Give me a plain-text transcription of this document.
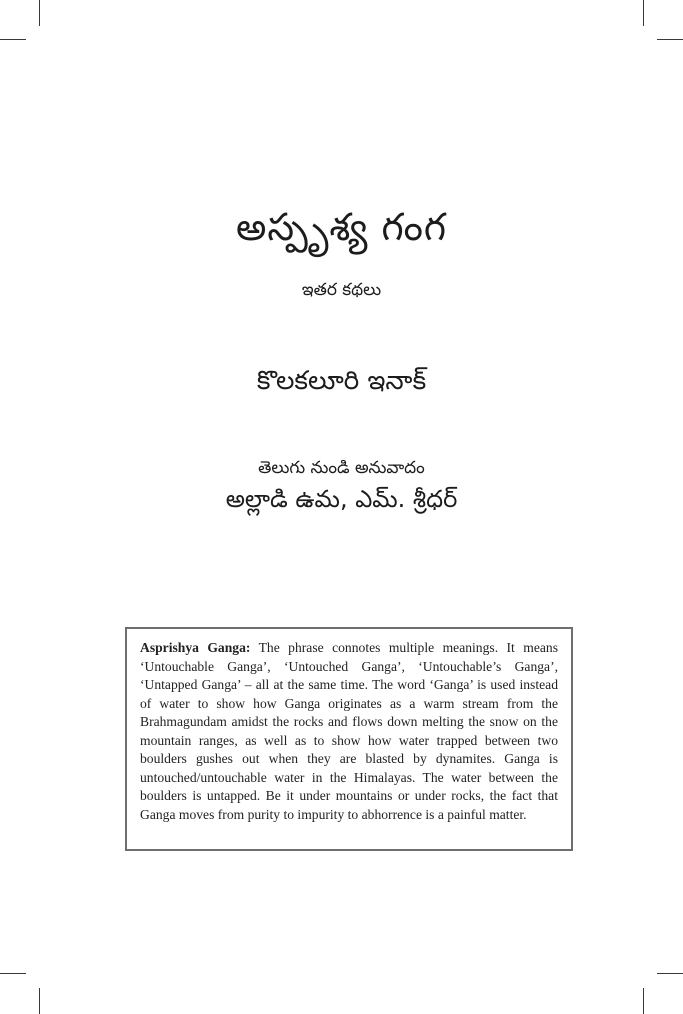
అస్పృశ్య గంగ
ఇతర కథలు
కొలకలూరి ఇనాక్
తెలుగు నుండి అనువాదం
అల్లాడి ఉమ, ఎమ్. శ్రీధర్
Asprishya Ganga: The phrase connotes multiple meanings. It means ‘Untouchable Ganga’, ‘Untouched Ganga’, ‘Untouchable’s Ganga’, ‘Untapped Ganga’ – all at the same time. The word ‘Ganga’ is used instead of water to show how Ganga originates as a warm stream from the Brahmagundam amidst the rocks and flows down melting the snow on the mountain ranges, as well as to show how water trapped between two boulders gushes out when they are blasted by dynamites. Ganga is untouched/untouchable water in the Himalayas. The water between the boulders is untapped. Be it under mountains or under rocks, the fact that Ganga moves from purity to impurity to abhorrence is a painful matter.
